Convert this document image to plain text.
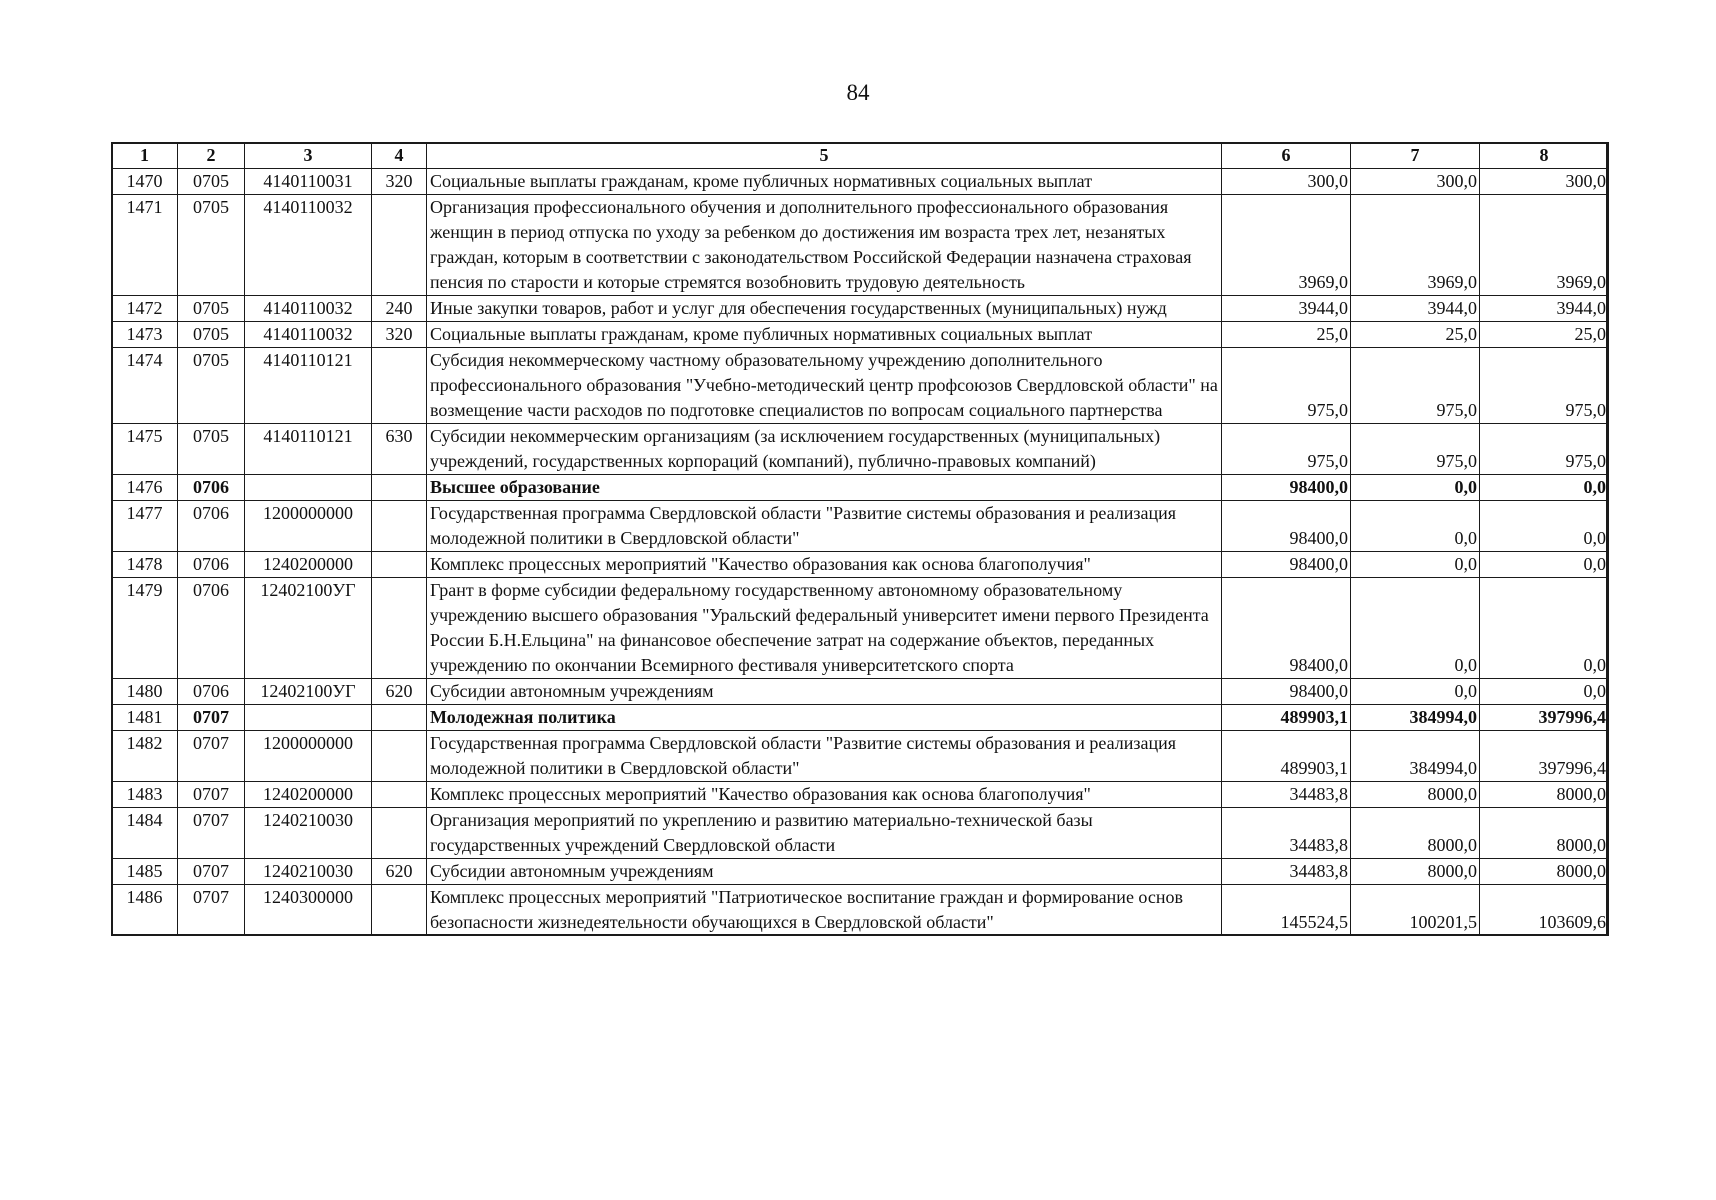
84
1	2	3	4	5	6	7	8
1470	0705	4140110031	320	Социальные выплаты гражданам, кроме публичных нормативных социальных выплат	300,0	300,0	300,0
1471	0705	4140110032		Организация профессионального обучения и дополнительного профессионального образования женщин в период отпуска по уходу за ребенком до достижения им возраста трех лет, незанятых граждан, которым в соответствии с законодательством Российской Федерации назначена страховая пенсия по старости и которые стремятся возобновить трудовую деятельность	3969,0	3969,0	3969,0
1472	0705	4140110032	240	Иные закупки товаров, работ и услуг для обеспечения государственных (муниципальных) нужд	3944,0	3944,0	3944,0
1473	0705	4140110032	320	Социальные выплаты гражданам, кроме публичных нормативных социальных выплат	25,0	25,0	25,0
1474	0705	4140110121		Субсидия некоммерческому частному образовательному учреждению дополнительного профессионального образования "Учебно-методический центр профсоюзов Свердловской области" на возмещение части расходов по подготовке специалистов по вопросам социального партнерства	975,0	975,0	975,0
1475	0705	4140110121	630	Субсидии некоммерческим организациям (за исключением государственных (муниципальных) учреждений, государственных корпораций (компаний), публично-правовых компаний)	975,0	975,0	975,0
1476	0706			Высшее образование	98400,0	0,0	0,0
1477	0706	1200000000		Государственная программа Свердловской области "Развитие системы образования и реализация молодежной политики в Свердловской области"	98400,0	0,0	0,0
1478	0706	1240200000		Комплекс процессных мероприятий "Качество образования как основа благополучия"	98400,0	0,0	0,0
1479	0706	12402100УГ		Грант в форме субсидии федеральному государственному автономному образовательному учреждению высшего образования "Уральский федеральный университет имени первого Президента России Б.Н.Ельцина" на финансовое обеспечение затрат на содержание объектов, переданных учреждению по окончании Всемирного фестиваля университетского спорта	98400,0	0,0	0,0
1480	0706	12402100УГ	620	Субсидии автономным учреждениям	98400,0	0,0	0,0
1481	0707			Молодежная политика	489903,1	384994,0	397996,4
1482	0707	1200000000		Государственная программа Свердловской области "Развитие системы образования и реализация молодежной политики в Свердловской области"	489903,1	384994,0	397996,4
1483	0707	1240200000		Комплекс процессных мероприятий "Качество образования как основа благополучия"	34483,8	8000,0	8000,0
1484	0707	1240210030		Организация мероприятий по укреплению и развитию материально-технической базы государственных учреждений Свердловской области	34483,8	8000,0	8000,0
1485	0707	1240210030	620	Субсидии автономным учреждениям	34483,8	8000,0	8000,0
1486	0707	1240300000		Комплекс процессных мероприятий "Патриотическое воспитание граждан и формирование основ безопасности жизнедеятельности обучающихся в Свердловской области"	145524,5	100201,5	103609,6
